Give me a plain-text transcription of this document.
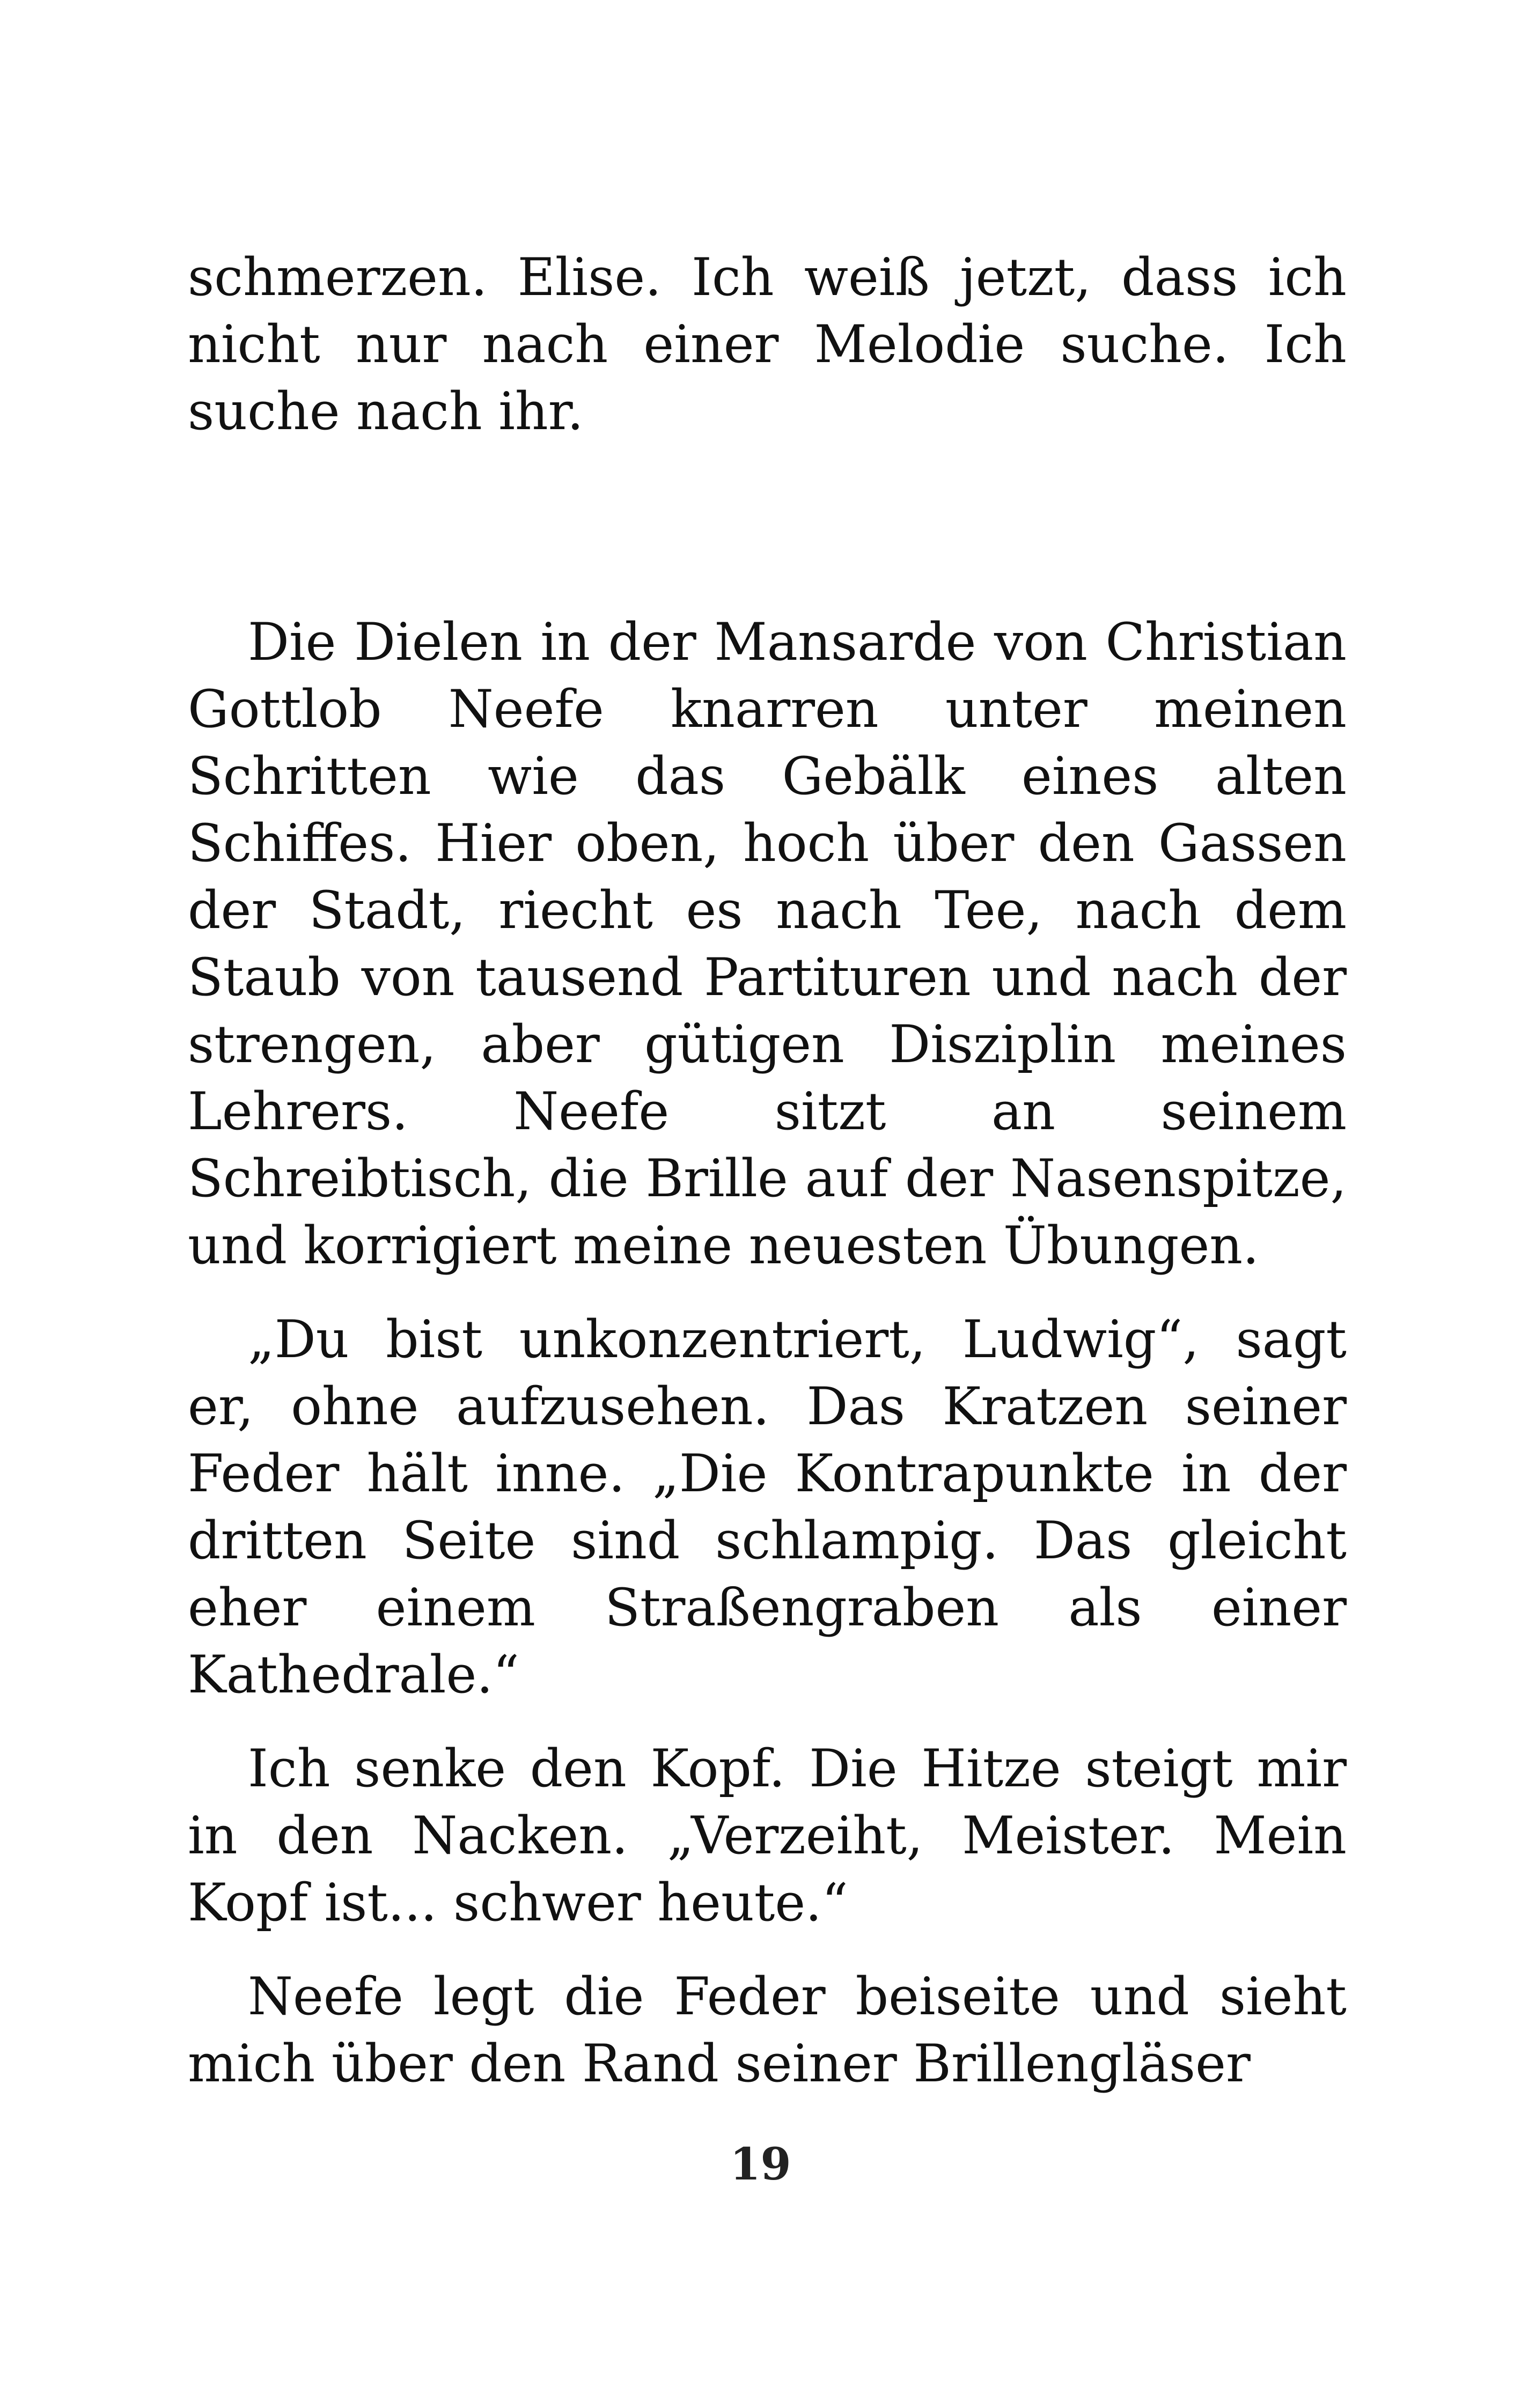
schmerzen. Elise. Ich weiß jetzt, dass ich nicht nur nach einer Melodie suche. Ich suche nach ihr.

Die Dielen in der Mansarde von Christian Gottlob Neefe knarren unter meinen Schritten wie das Gebälk eines alten Schiffes. Hier oben, hoch über den Gassen der Stadt, riecht es nach Tee, nach dem Staub von tausend Partituren und nach der strengen, aber gütigen Disziplin meines Lehrers. Neefe sitzt an seinem Schreibtisch, die Brille auf der Nasenspitze, und korrigiert meine neuesten Übungen.

„Du bist unkonzentriert, Ludwig“, sagt er, ohne aufzusehen. Das Kratzen seiner Feder hält inne. „Die Kontrapunkte in der dritten Seite sind schlampig. Das gleicht eher einem Straßengraben als einer Kathedrale.“

Ich senke den Kopf. Die Hitze steigt mir in den Nacken. „Verzeiht, Meister. Mein Kopf ist... schwer heute.“

Neefe legt die Feder beiseite und sieht mich über den Rand seiner Brillengläser

19
